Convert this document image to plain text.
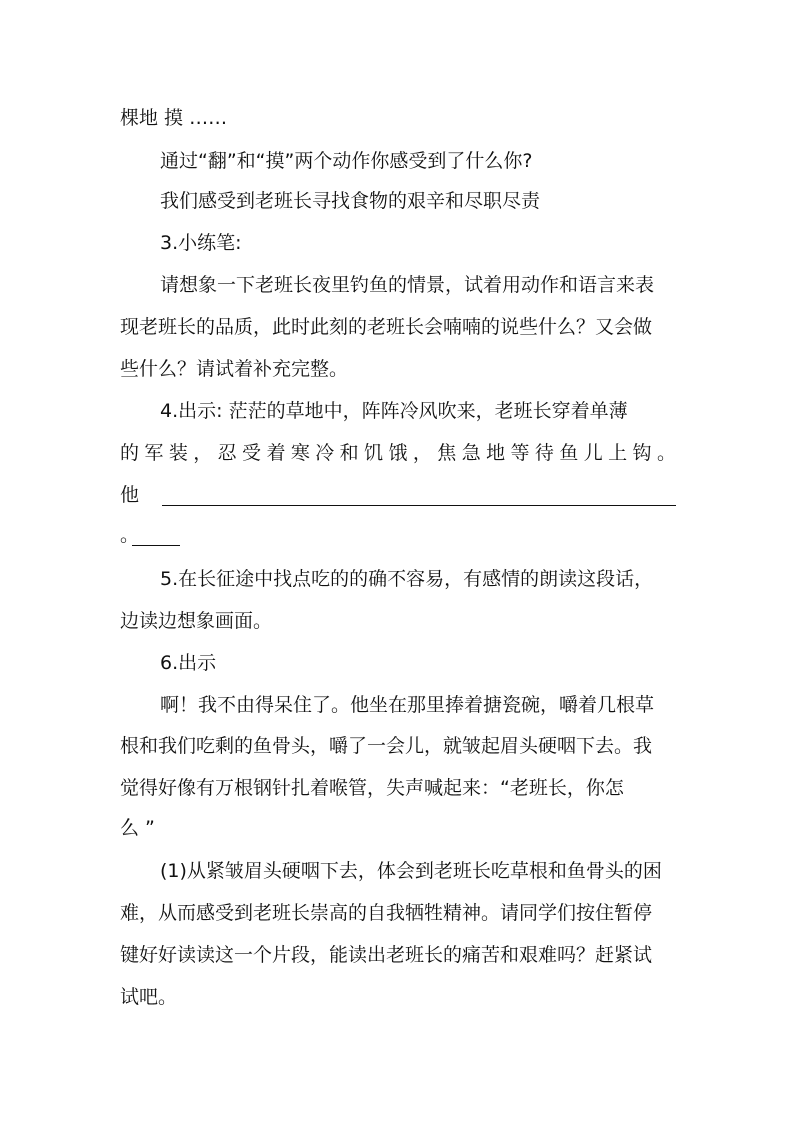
棵地 摸 ……
通过“翻”和“摸”两个动作你感受到了什么你?
我们感受到老班长寻找食物的艰辛和尽职尽责
3.小练笔:
请想象一下老班长夜里钓鱼的情景，试着用动作和语言来表
现老班长的品质，此时此刻的老班长会喃喃的说些什么？又会做
些什么？请试着补充完整。
4.出示: 茫茫的草地中，阵阵冷风吹来，老班长穿着单薄
的 军 装 ， 忍 受 着 寒 冷 和 饥 饿 ， 焦 急 地 等 待 鱼 儿 上 钩 。
他
。
5.在长征途中找点吃的的确不容易，有感情的朗读这段话，
边读边想象画面。
6.出示
啊！我不由得呆住了。他坐在那里捧着搪瓷碗，嚼着几根草
根和我们吃剩的鱼骨头，嚼了一会儿，就皱起眉头硬咽下去。我
觉得好像有万根钢针扎着喉管，失声喊起来：“老班长，你怎
么 ”
(1)从紧皱眉头硬咽下去，体会到老班长吃草根和鱼骨头的困
难，从而感受到老班长崇高的自我牺牲精神。请同学们按住暂停
键好好读读这一个片段，能读出老班长的痛苦和艰难吗？赶紧试
试吧。
